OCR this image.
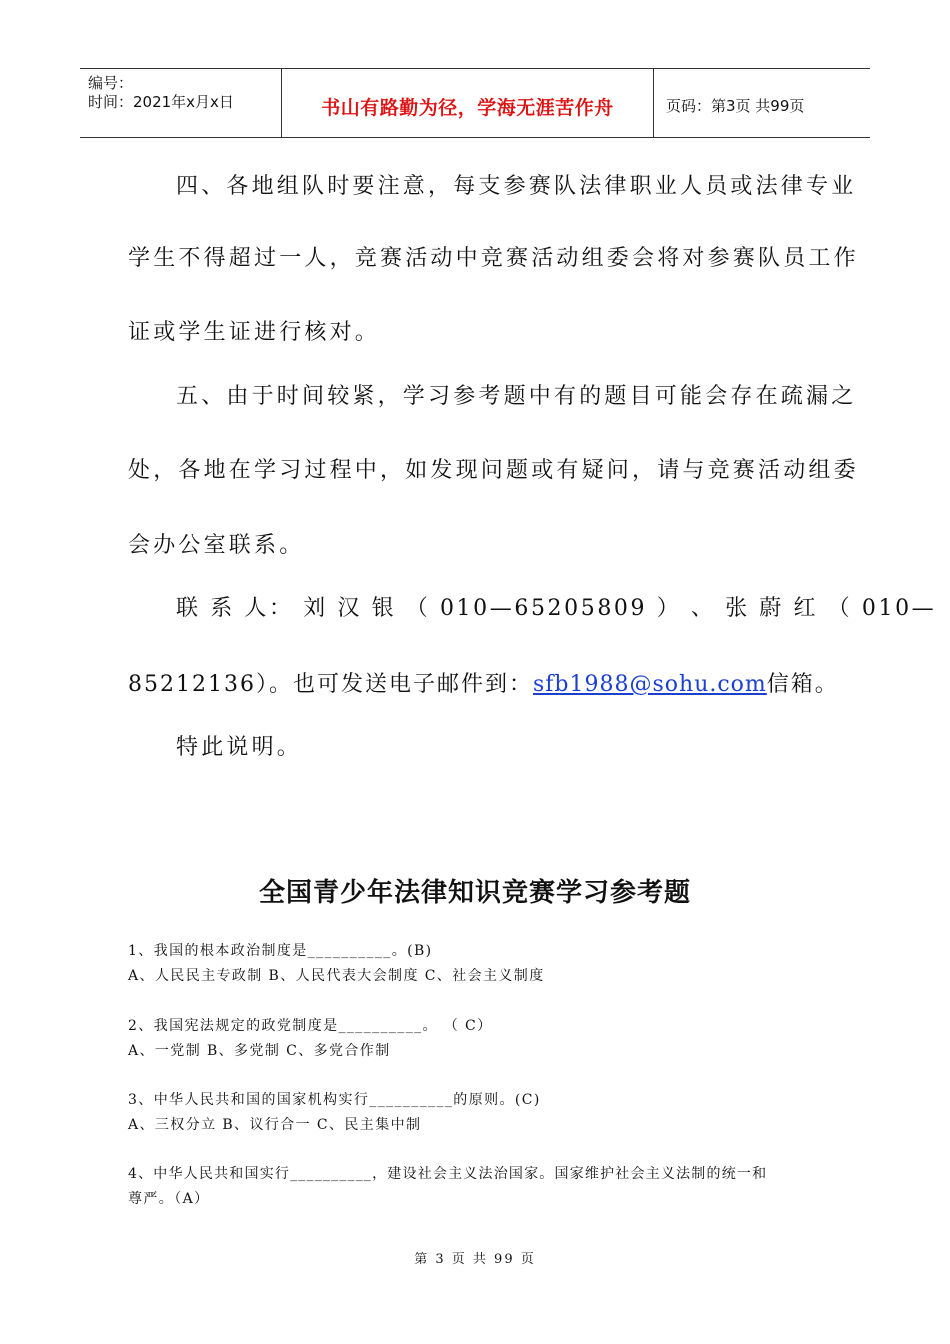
编号：
时间：2021年x月x日	书山有路勤为径，学海无涯苦作舟	页码：第3页 共99页
四、各地组队时要注意，每支参赛队法律职业人员或法律专业
学生不得超过一人，竞赛活动中竞赛活动组委会将对参赛队员工作
证或学生证进行核对。
五、由于时间较紧，学习参考题中有的题目可能会存在疏漏之
处，各地在学习过程中，如发现问题或有疑问，请与竞赛活动组委
会办公室联系。
联 系 人： 刘 汉 银 （ 010—65205809 ） 、 张 蔚 红 （ 010—
85212136）。也可发送电子邮件到：sfb1988@sohu.com信箱。
特此说明。
全国青少年法律知识竞赛学习参考题
1、我国的根本政治制度是__________。(B)
A、人民民主专政制 B、人民代表大会制度 C、社会主义制度
2、我国宪法规定的政党制度是__________。 （ C）
A、一党制 B、多党制 C、多党合作制
3、中华人民共和国的国家机构实行__________的原则。(C)
A、三权分立 B、议行合一 C、民主集中制
4、中华人民共和国实行__________，建设社会主义法治国家。国家维护社会主义法制的统一和
尊严。（A）
第 3 页 共 99 页
